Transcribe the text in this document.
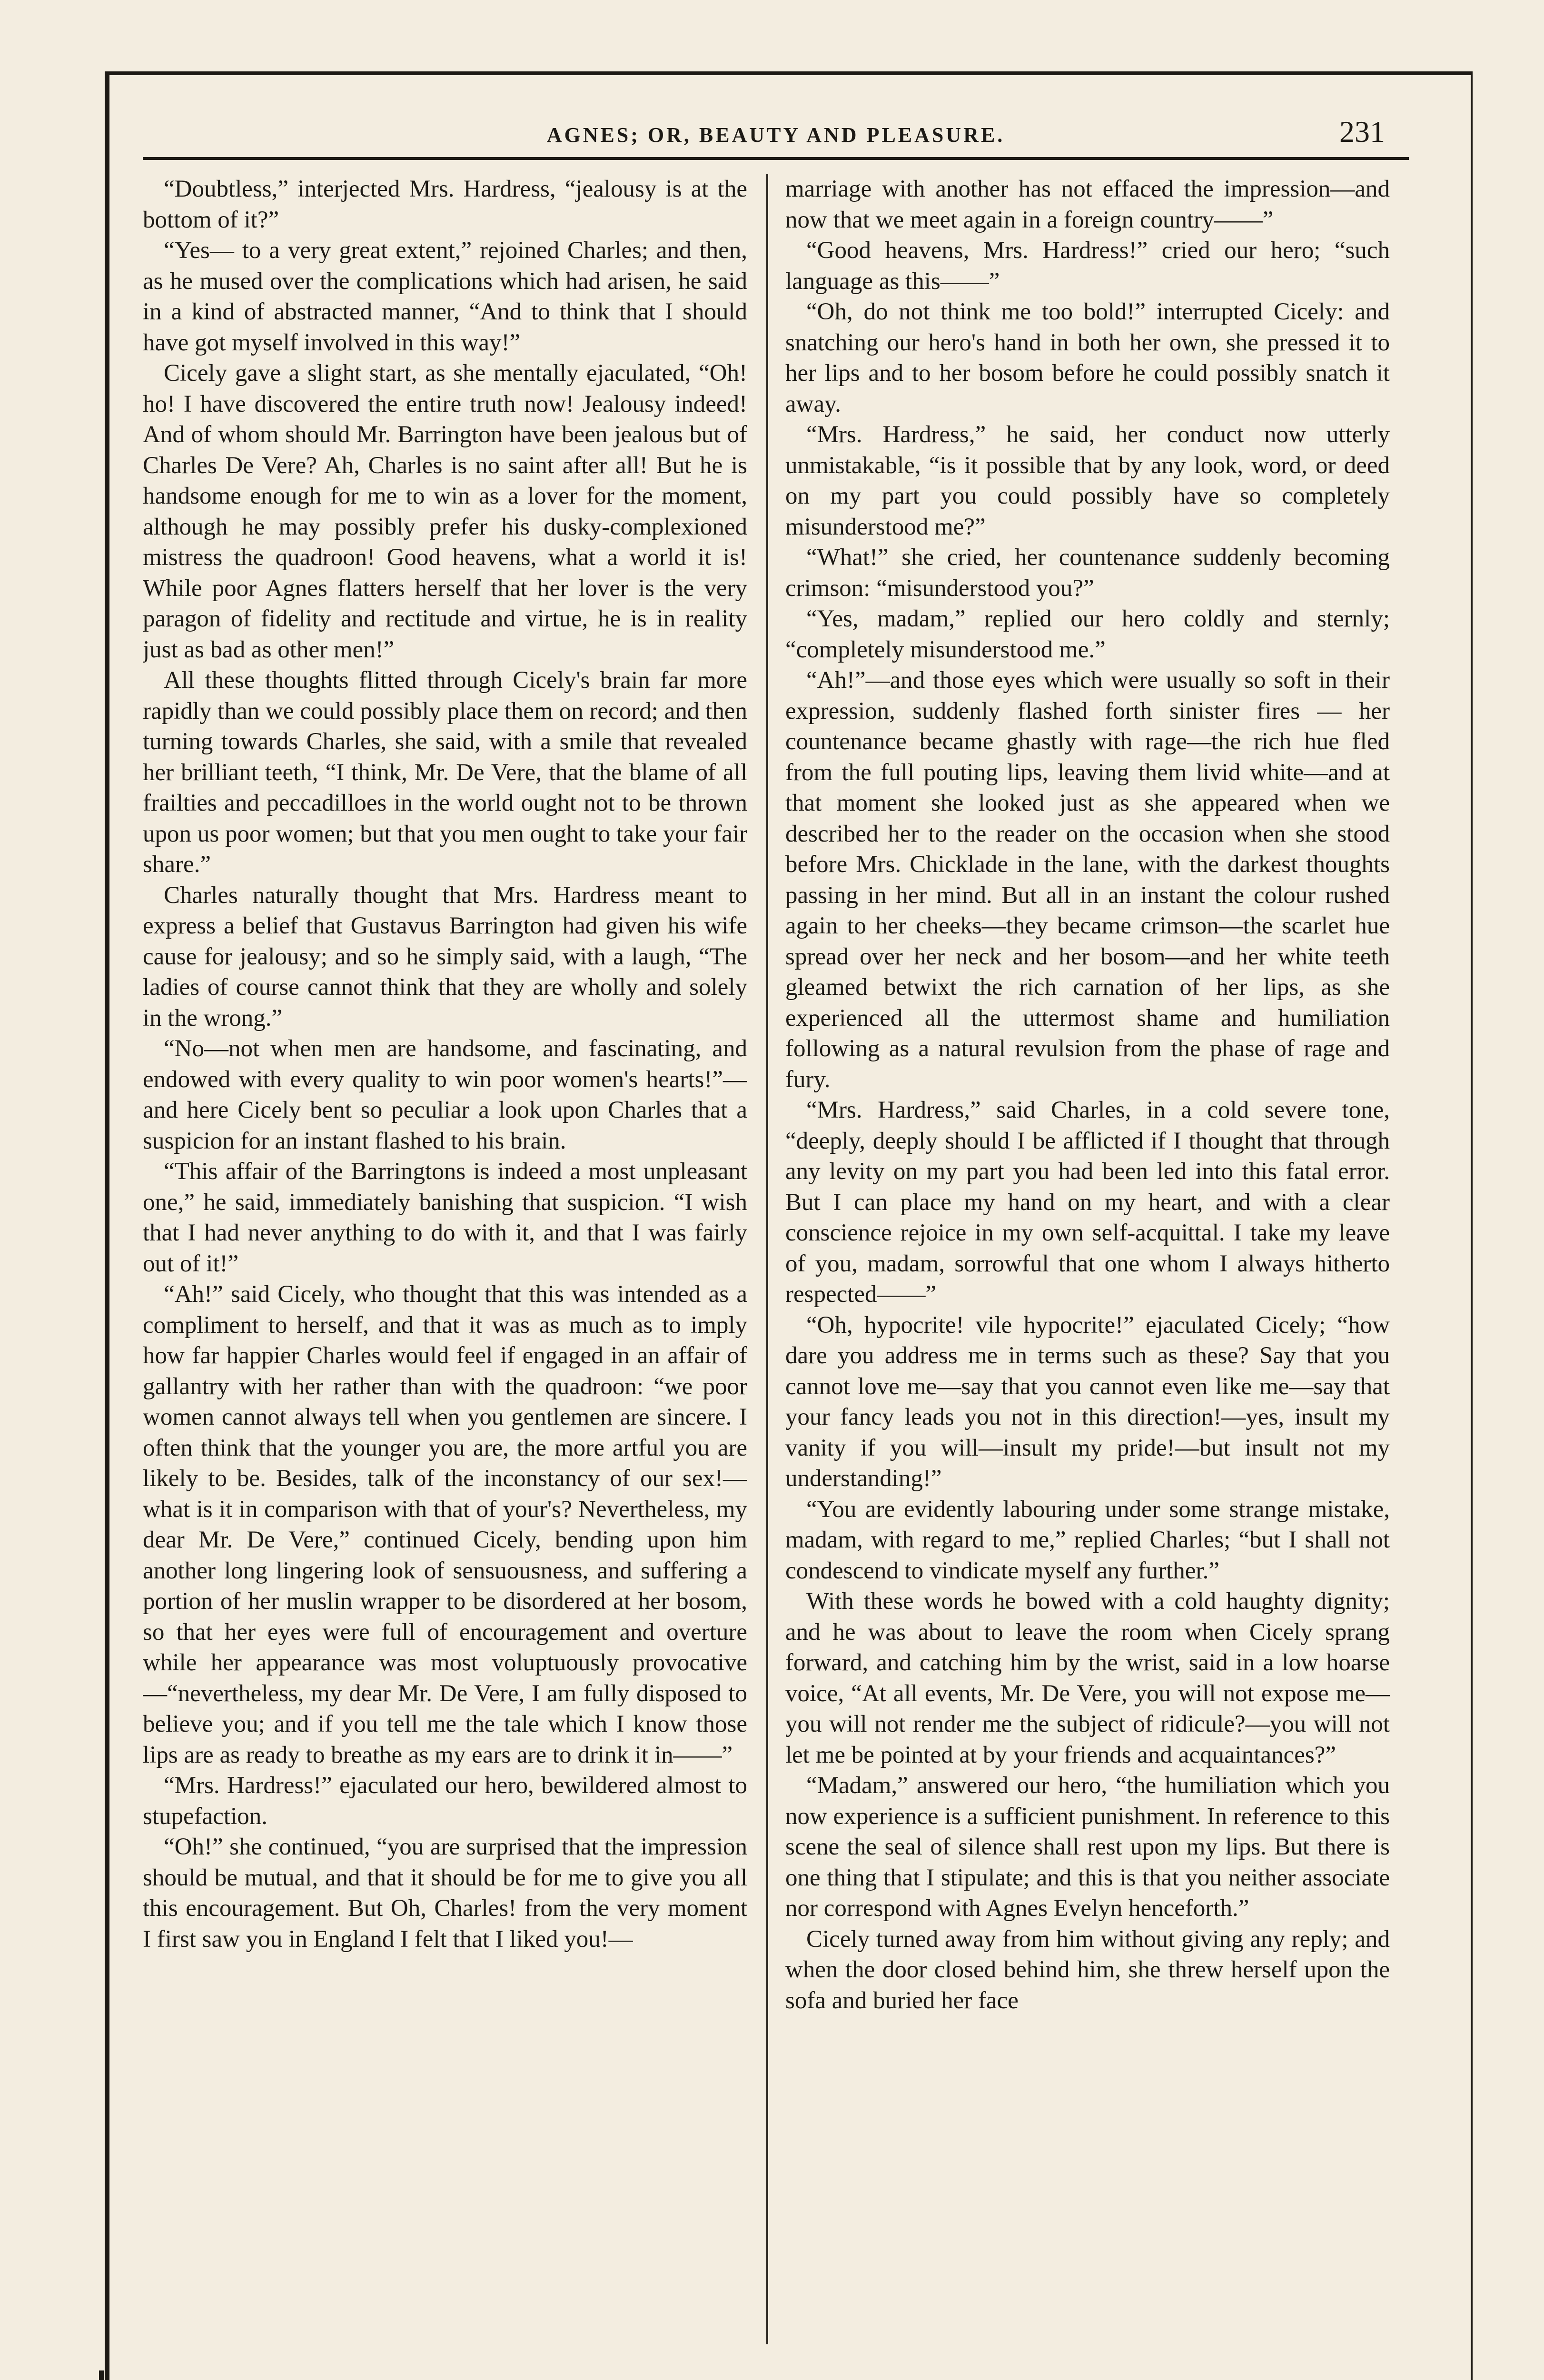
AGNES; OR, BEAUTY AND PLEASURE.	231

“Doubtless,” interjected Mrs. Hardress, “jealousy is at the bottom of it?”

“Yes— to a very great extent,” rejoined Charles; and then, as he mused over the complications which had arisen, he said in a kind of abstracted manner, “And to think that I should have got myself involved in this way!”

Cicely gave a slight start, as she mentally ejaculated, “Oh! ho! I have discovered the entire truth now! Jealousy indeed! And of whom should Mr. Barrington have been jealous but of Charles De Vere? Ah, Charles is no saint after all! But he is handsome enough for me to win as a lover for the moment, although he may possibly prefer his dusky-complexioned mistress the quadroon! Good heavens, what a world it is! While poor Agnes flatters herself that her lover is the very paragon of fidelity and rectitude and virtue, he is in reality just as bad as other men!”

All these thoughts flitted through Cicely's brain far more rapidly than we could possibly place them on record; and then turning towards Charles, she said, with a smile that revealed her brilliant teeth, “I think, Mr. De Vere, that the blame of all frailties and peccadilloes in the world ought not to be thrown upon us poor women; but that you men ought to take your fair share.”

Charles naturally thought that Mrs. Hardress meant to express a belief that Gustavus Barrington had given his wife cause for jealousy; and so he simply said, with a laugh, “The ladies of course cannot think that they are wholly and solely in the wrong.”

“No—not when men are handsome, and fascinating, and endowed with every quality to win poor women's hearts!”—and here Cicely bent so peculiar a look upon Charles that a suspicion for an instant flashed to his brain.

“This affair of the Barringtons is indeed a most unpleasant one,” he said, immediately banishing that suspicion. “I wish that I had never anything to do with it, and that I was fairly out of it!”

“Ah!” said Cicely, who thought that this was intended as a compliment to herself, and that it was as much as to imply how far happier Charles would feel if engaged in an affair of gallantry with her rather than with the quadroon: “we poor women cannot always tell when you gentlemen are sincere. I often think that the younger you are, the more artful you are likely to be. Besides, talk of the inconstancy of our sex!—what is it in comparison with that of your's? Nevertheless, my dear Mr. De Vere,” continued Cicely, bending upon him another long lingering look of sensuousness, and suffering a portion of her muslin wrapper to be disordered at her bosom, so that her eyes were full of encouragement and overture while her appearance was most voluptuously provocative—“nevertheless, my dear Mr. De Vere, I am fully disposed to believe you; and if you tell me the tale which I know those lips are as ready to breathe as my ears are to drink it in——”

“Mrs. Hardress!” ejaculated our hero, bewildered almost to stupefaction.

“Oh!” she continued, “you are surprised that the impression should be mutual, and that it should be for me to give you all this encouragement. But Oh, Charles! from the very moment I first saw you in England I felt that I liked you!—

marriage with another has not effaced the impression—and now that we meet again in a foreign country——”

“Good heavens, Mrs. Hardress!” cried our hero; “such language as this——”

“Oh, do not think me too bold!” interrupted Cicely: and snatching our hero's hand in both her own, she pressed it to her lips and to her bosom before he could possibly snatch it away.

“Mrs. Hardress,” he said, her conduct now utterly unmistakable, “is it possible that by any look, word, or deed on my part you could possibly have so completely misunderstood me?”

“What!” she cried, her countenance suddenly becoming crimson: “misunderstood you?”

“Yes, madam,” replied our hero coldly and sternly; “completely misunderstood me.”

“Ah!”—and those eyes which were usually so soft in their expression, suddenly flashed forth sinister fires — her countenance became ghastly with rage—the rich hue fled from the full pouting lips, leaving them livid white—and at that moment she looked just as she appeared when we described her to the reader on the occasion when she stood before Mrs. Chicklade in the lane, with the darkest thoughts passing in her mind. But all in an instant the colour rushed again to her cheeks—they became crimson—the scarlet hue spread over her neck and her bosom—and her white teeth gleamed betwixt the rich carnation of her lips, as she experienced all the uttermost shame and humiliation following as a natural revulsion from the phase of rage and fury.

“Mrs. Hardress,” said Charles, in a cold severe tone, “deeply, deeply should I be afflicted if I thought that through any levity on my part you had been led into this fatal error. But I can place my hand on my heart, and with a clear conscience rejoice in my own self-acquittal. I take my leave of you, madam, sorrowful that one whom I always hitherto respected——”

“Oh, hypocrite! vile hypocrite!” ejaculated Cicely; “how dare you address me in terms such as these? Say that you cannot love me—say that you cannot even like me—say that your fancy leads you not in this direction!—yes, insult my vanity if you will—insult my pride!—but insult not my understanding!”

“You are evidently labouring under some strange mistake, madam, with regard to me,” replied Charles; “but I shall not condescend to vindicate myself any further.”

With these words he bowed with a cold haughty dignity; and he was about to leave the room when Cicely sprang forward, and catching him by the wrist, said in a low hoarse voice, “At all events, Mr. De Vere, you will not expose me—you will not render me the subject of ridicule?—you will not let me be pointed at by your friends and acquaintances?”

“Madam,” answered our hero, “the humiliation which you now experience is a sufficient punishment. In reference to this scene the seal of silence shall rest upon my lips. But there is one thing that I stipulate; and this is that you neither associate nor correspond with Agnes Evelyn henceforth.”

Cicely turned away from him without giving any reply; and when the door closed behind him, she threw herself upon the sofa and buried her face
